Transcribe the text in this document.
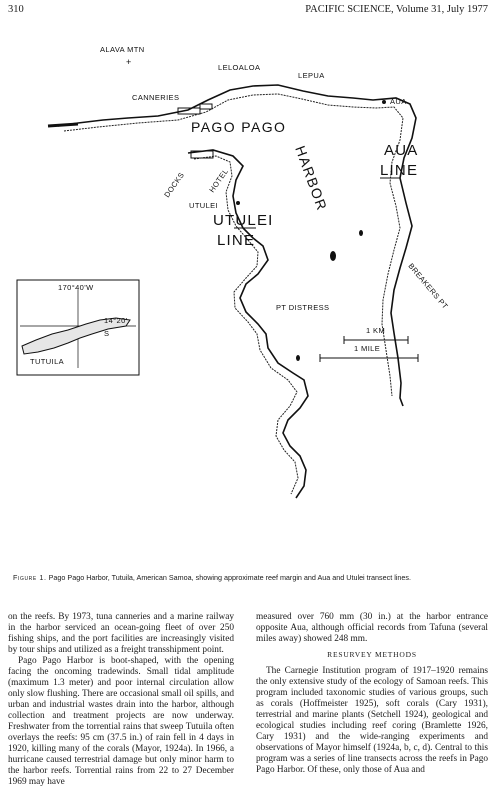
310	PACIFIC SCIENCE, Volume 31, July 1977
+
ALAVA MTN
LELOALOA
LEPUA
AUA
CANNERIES
PAGO PAGO
HARBOR
DOCKS	HOTEL
UTULEI
AUA
LINE
UTULEI
LINE
BREAKERS PT
PT DISTRESS
1 KM
1 MILE
170°40'W
14°20'
S
TUTUILA
Figure 1. Pago Pago Harbor, Tutuila, American Samoa, showing approximate reef margin and Aua and Utulei transect lines.

on the reefs. By 1973, tuna canneries and a marine railway in the harbor serviced an ocean-going fleet of over 250 fishing ships, and the port facilities are increasingly visited by tour ships and utilized as a freight transshipment point.

Pago Pago Harbor is boot-shaped, with the opening facing the oncoming tradewinds. Small tidal amplitude (maximum 1.3 meter) and poor internal circulation allow only slow flushing. There are occasional small oil spills, and urban and industrial wastes drain into the harbor, although collection and treatment projects are now underway. Freshwater from the torrential rains that sweep Tutuila often overlays the reefs: 95 cm (37.5 in.) of rain fell in 4 days in 1920, killing many of the corals (Mayor, 1924a). In 1966, a hurricane caused terrestrial damage but only minor harm to the harbor reefs. Torrential rains from 22 to 27 December 1969 may have

measured over 760 mm (30 in.) at the harbor entrance opposite Aua, although official records from Tafuna (several miles away) showed 248 mm.

RESURVEY METHODS

The Carnegie Institution program of 1917–1920 remains the only extensive study of the ecology of Samoan reefs. This program included taxonomic studies of various groups, such as corals (Hoffmeister 1925), soft corals (Cary 1931), terrestrial and marine plants (Setchell 1924), geological and ecological studies including reef coring (Bramlette 1926, Cary 1931) and the wide-ranging experiments and observations of Mayor himself (1924a, b, c, d). Central to this program was a series of line transects across the reefs in Pago Pago Harbor. Of these, only those of Aua and
